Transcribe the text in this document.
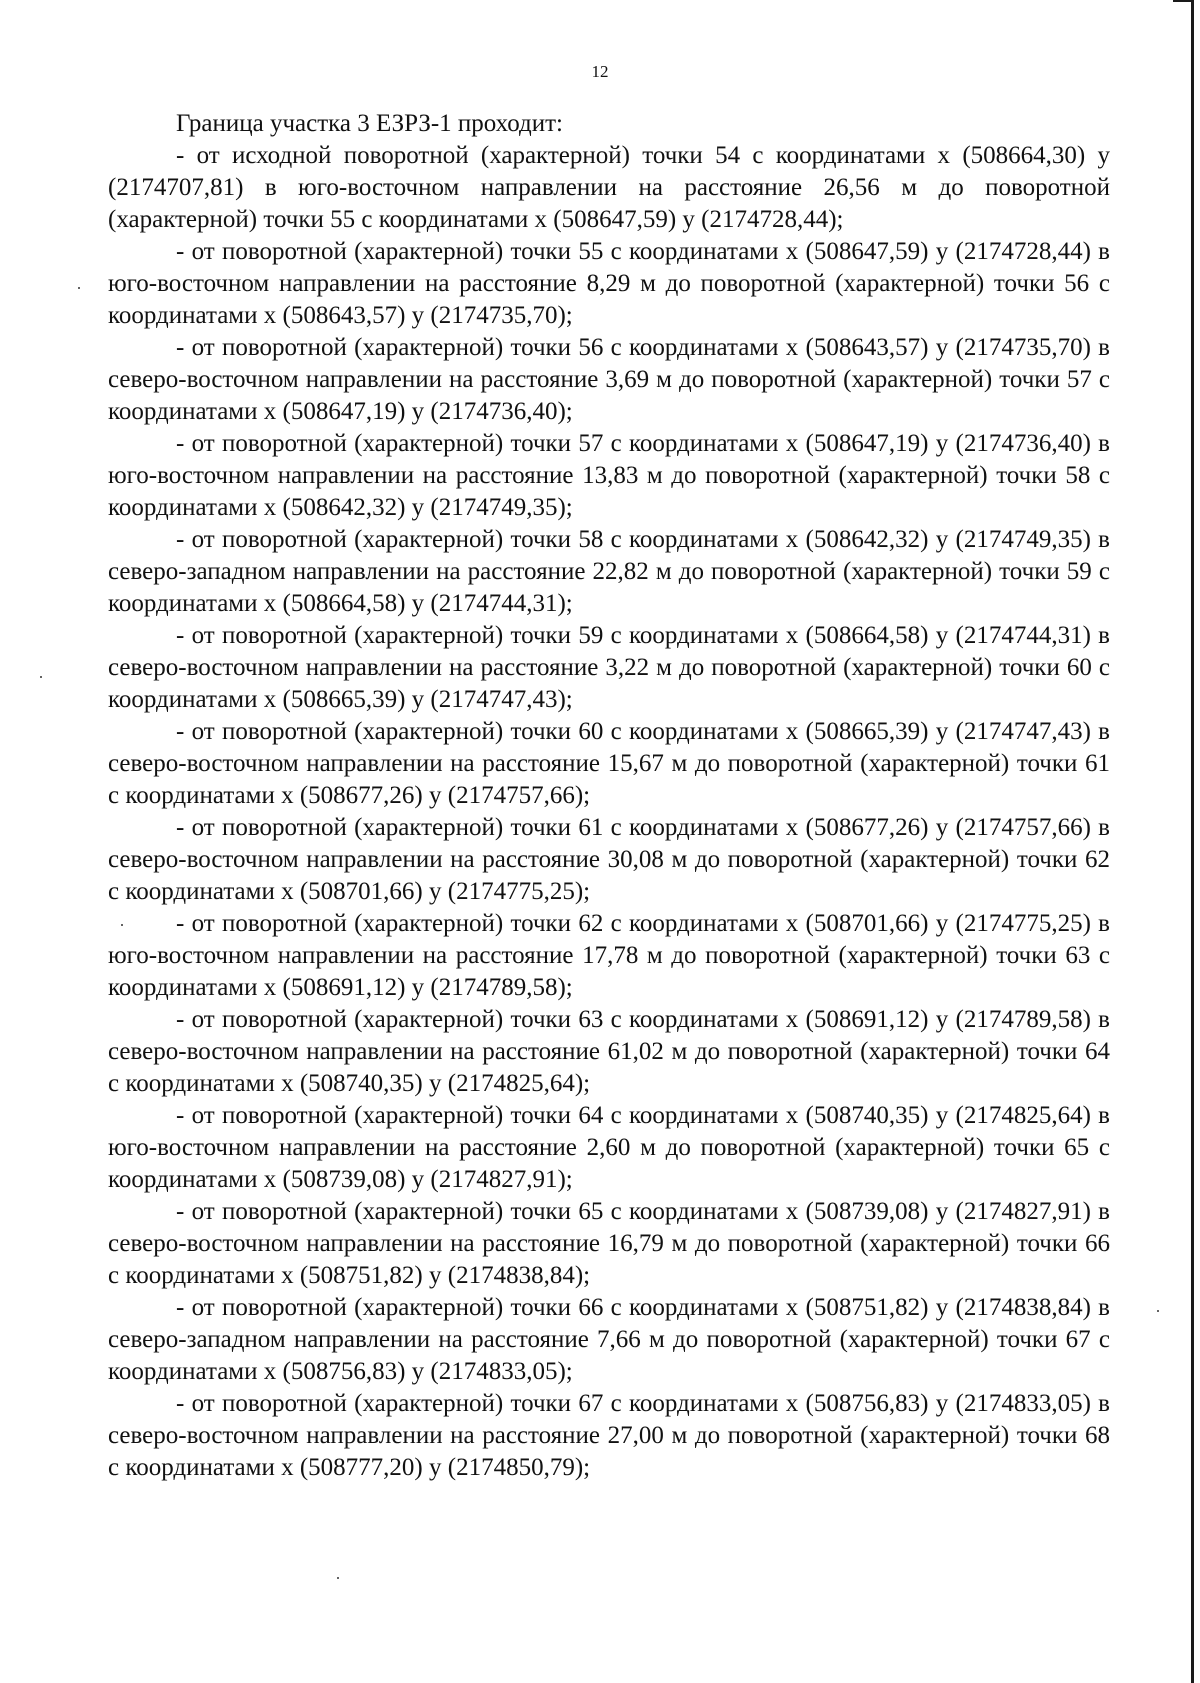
12

Граница участка 3 ЕЗРЗ-1 проходит:

- от исходной поворотной (характерной) точки 54 с координатами x (508664,30) y (2174707,81) в юго-восточном направлении на расстояние 26,56 м до поворотной (характерной) точки 55 с координатами x (508647,59) y (2174728,44);

- от поворотной (характерной) точки 55 с координатами x (508647,59) y (2174728,44) в юго-восточном направлении на расстояние 8,29 м до поворотной (характерной) точки 56 с координатами x (508643,57) y (2174735,70);

- от поворотной (характерной) точки 56 с координатами x (508643,57) y (2174735,70) в северо-восточном направлении на расстояние 3,69 м до поворотной (характерной) точки 57 с координатами x (508647,19) y (2174736,40);

- от поворотной (характерной) точки 57 с координатами x (508647,19) y (2174736,40) в юго-восточном направлении на расстояние 13,83 м до поворотной (характерной) точки 58 с координатами x (508642,32) y (2174749,35);

- от поворотной (характерной) точки 58 с координатами x (508642,32) y (2174749,35) в северо-западном направлении на расстояние 22,82 м до поворотной (характерной) точки 59 с координатами x (508664,58) y (2174744,31);

- от поворотной (характерной) точки 59 с координатами x (508664,58) y (2174744,31) в северо-восточном направлении на расстояние 3,22 м до поворотной (характерной) точки 60 с координатами x (508665,39) y (2174747,43);

- от поворотной (характерной) точки 60 с координатами x (508665,39) y (2174747,43) в северо-восточном направлении на расстояние 15,67 м до поворотной (характерной) точки 61 с координатами x (508677,26) y (2174757,66);

- от поворотной (характерной) точки 61 с координатами x (508677,26) y (2174757,66) в северо-восточном направлении на расстояние 30,08 м до поворотной (характерной) точки 62 с координатами x (508701,66) y (2174775,25);

- от поворотной (характерной) точки 62 с координатами x (508701,66) y (2174775,25) в юго-восточном направлении на расстояние 17,78 м до поворотной (характерной) точки 63 с координатами x (508691,12) y (2174789,58);

- от поворотной (характерной) точки 63 с координатами x (508691,12) y (2174789,58) в северо-восточном направлении на расстояние 61,02 м до поворотной (характерной) точки 64 с координатами x (508740,35) y (2174825,64);

- от поворотной (характерной) точки 64 с координатами x (508740,35) y (2174825,64) в юго-восточном направлении на расстояние 2,60 м до поворотной (характерной) точки 65 с координатами x (508739,08) y (2174827,91);

- от поворотной (характерной) точки 65 с координатами x (508739,08) y (2174827,91) в северо-восточном направлении на расстояние 16,79 м до поворотной (характерной) точки 66 с координатами x (508751,82) y (2174838,84);

- от поворотной (характерной) точки 66 с координатами x (508751,82) y (2174838,84) в северо-западном направлении на расстояние 7,66 м до поворотной (характерной) точки 67 с координатами x (508756,83) y (2174833,05);

- от поворотной (характерной) точки 67 с координатами x (508756,83) y (2174833,05) в северо-восточном направлении на расстояние 27,00 м до поворотной (характерной) точки 68 с координатами x (508777,20) y (2174850,79);
